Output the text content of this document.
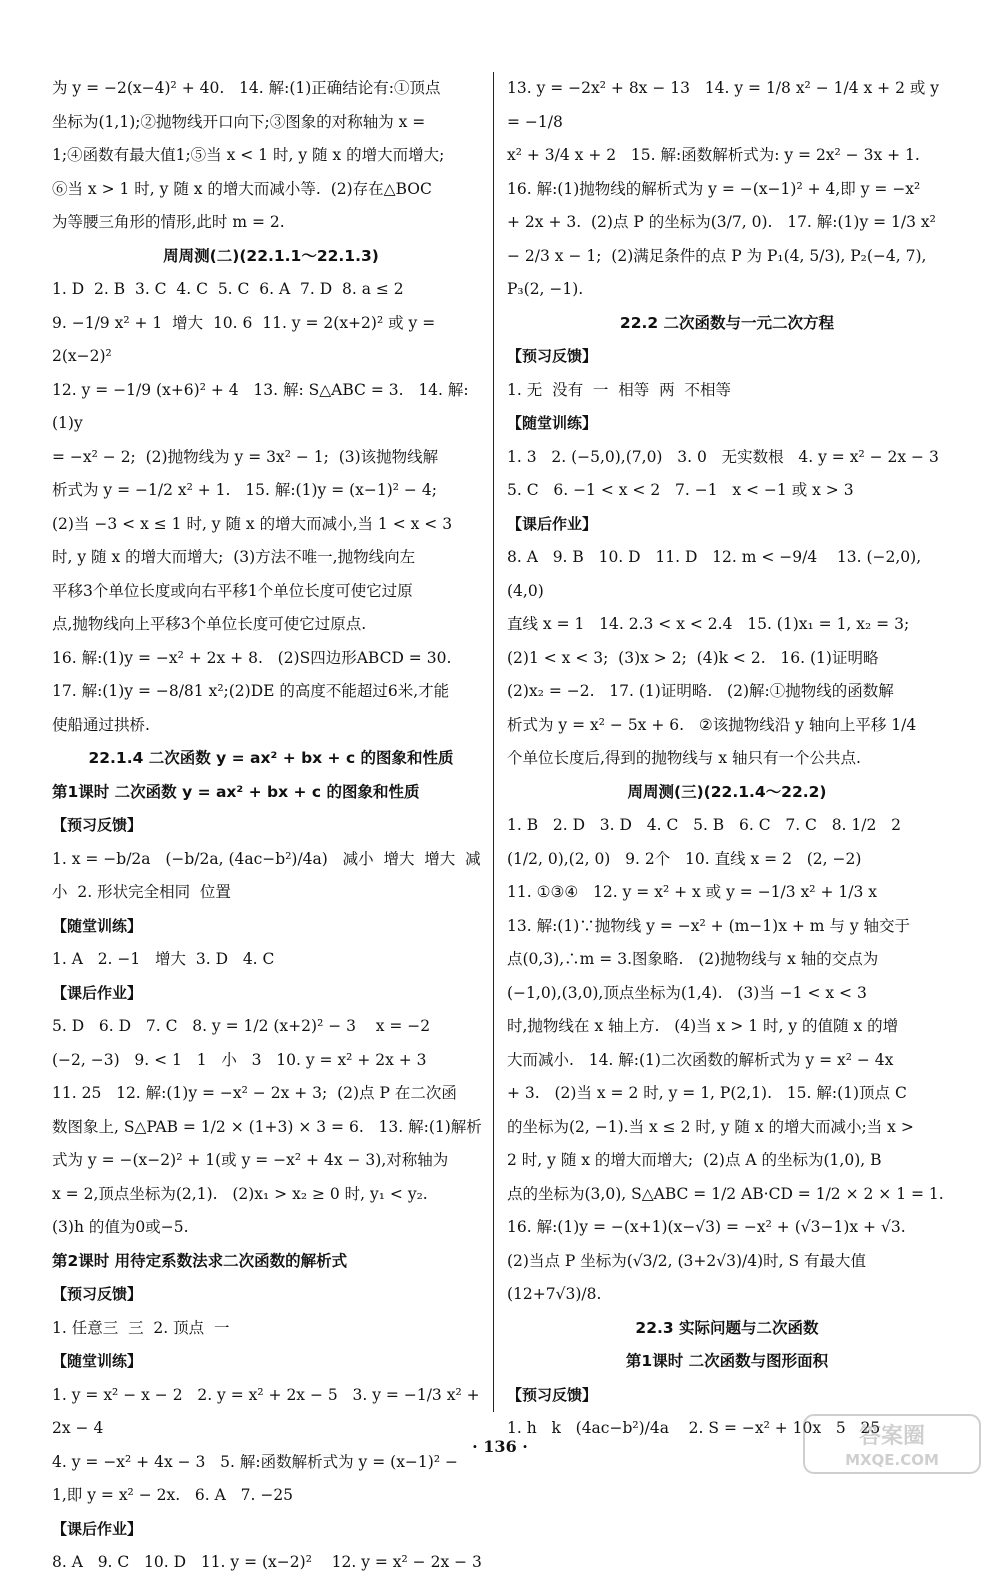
为 y = −2(x−4)² + 40.   14. 解:(1)正确结论有:①顶点

坐标为(1,1);②抛物线开口向下;③图象的对称轴为 x =

1;④函数有最大值1;⑤当 x < 1 时, y 随 x 的增大而增大;

⑥当 x > 1 时, y 随 x 的增大而减小等.  (2)存在△BOC

为等腰三角形的情形,此时 m = 2.

周周测(二)(22.1.1～22.1.3)

1. D  2. B  3. C  4. C  5. C  6. A  7. D  8. a ≤ 2

9. −1/9 x² + 1  增大  10. 6  11. y = 2(x+2)² 或 y = 2(x−2)²

12. y = −1/9 (x+6)² + 4   13. 解: S△ABC = 3.   14. 解:(1)y

= −x² − 2;  (2)抛物线为 y = 3x² − 1;  (3)该抛物线解

析式为 y = −1/2 x² + 1.   15. 解:(1)y = (x−1)² − 4;

(2)当 −3 < x ≤ 1 时, y 随 x 的增大而减小,当 1 < x < 3

时, y 随 x 的增大而增大;  (3)方法不唯一,抛物线向左

平移3个单位长度或向右平移1个单位长度可使它过原

点,抛物线向上平移3个单位长度可使它过原点.

16. 解:(1)y = −x² + 2x + 8.   (2)S四边形ABCD = 30.

17. 解:(1)y = −8/81 x²;(2)DE 的高度不能超过6米,才能

使船通过拱桥.

22.1.4 二次函数 y = ax² + bx + c 的图象和性质

第1课时 二次函数 y = ax² + bx + c 的图象和性质

【预习反馈】

1. x = −b/2a   (−b/2a, (4ac−b²)/4a)   减小  增大  增大  减

小  2. 形状完全相同  位置

【随堂训练】

1. A   2. −1   增大  3. D   4. C

【课后作业】

5. D   6. D   7. C   8. y = 1/2 (x+2)² − 3    x = −2

(−2, −3)   9. < 1   1   小   3   10. y = x² + 2x + 3

11. 25   12. 解:(1)y = −x² − 2x + 3;  (2)点 P 在二次函

数图象上, S△PAB = 1/2 × (1+3) × 3 = 6.   13. 解:(1)解析

式为 y = −(x−2)² + 1(或 y = −x² + 4x − 3),对称轴为

x = 2,顶点坐标为(2,1).   (2)x₁ > x₂ ≥ 0 时, y₁ < y₂.

(3)h 的值为0或−5.

第2课时 用待定系数法求二次函数的解析式

【预习反馈】

1. 任意三  三  2. 顶点  一

【随堂训练】

1. y = x² − x − 2   2. y = x² + 2x − 5   3. y = −1/3 x² + 2x − 4

4. y = −x² + 4x − 3   5. 解:函数解析式为 y = (x−1)² −

1,即 y = x² − 2x.   6. A   7. −25

【课后作业】

8. A   9. C   10. D   11. y = (x−2)²    12. y = x² − 2x − 3

13. y = −2x² + 8x − 13   14. y = 1/8 x² − 1/4 x + 2 或 y = −1/8

x² + 3/4 x + 2   15. 解:函数解析式为: y = 2x² − 3x + 1.

16. 解:(1)抛物线的解析式为 y = −(x−1)² + 4,即 y = −x²

+ 2x + 3.  (2)点 P 的坐标为(3/7, 0).   17. 解:(1)y = 1/3 x²

− 2/3 x − 1;  (2)满足条件的点 P 为 P₁(4, 5/3), P₂(−4, 7),

P₃(2, −1).

22.2 二次函数与一元二次方程

【预习反馈】

1. 无  没有  一  相等  两  不相等

【随堂训练】

1. 3   2. (−5,0),(7,0)   3. 0   无实数根   4. y = x² − 2x − 3

5. C   6. −1 < x < 2   7. −1   x < −1 或 x > 3

【课后作业】

8. A   9. B   10. D   11. D   12. m < −9/4    13. (−2,0),(4,0)

直线 x = 1   14. 2.3 < x < 2.4   15. (1)x₁ = 1, x₂ = 3;

(2)1 < x < 3;  (3)x > 2;  (4)k < 2.   16. (1)证明略

(2)x₂ = −2.   17. (1)证明略.   (2)解:①抛物线的函数解

析式为 y = x² − 5x + 6.   ②该抛物线沿 y 轴向上平移 1/4

个单位长度后,得到的抛物线与 x 轴只有一个公共点.

周周测(三)(22.1.4～22.2)

1. B   2. D   3. D   4. C   5. B   6. C   7. C   8. 1/2   2

(1/2, 0),(2, 0)   9. 2个   10. 直线 x = 2   (2, −2)

11. ①③④   12. y = x² + x 或 y = −1/3 x² + 1/3 x

13. 解:(1)∵抛物线 y = −x² + (m−1)x + m 与 y 轴交于

点(0,3),∴m = 3.图象略.   (2)抛物线与 x 轴的交点为

(−1,0),(3,0),顶点坐标为(1,4).   (3)当 −1 < x < 3

时,抛物线在 x 轴上方.   (4)当 x > 1 时, y 的值随 x 的增

大而减小.   14. 解:(1)二次函数的解析式为 y = x² − 4x

+ 3.   (2)当 x = 2 时, y = 1, P(2,1).   15. 解:(1)顶点 C

的坐标为(2, −1).当 x ≤ 2 时, y 随 x 的增大而减小;当 x >

2 时, y 随 x 的增大而增大;  (2)点 A 的坐标为(1,0), B

点的坐标为(3,0), S△ABC = 1/2 AB·CD = 1/2 × 2 × 1 = 1.

16. 解:(1)y = −(x+1)(x−√3) = −x² + (√3−1)x + √3.

(2)当点 P 坐标为(√3/2, (3+2√3)/4)时, S 有最大值 (12+7√3)/8.

22.3 实际问题与二次函数

第1课时 二次函数与图形面积

【预习反馈】

1. h   k   (4ac−b²)/4a    2. S = −x² + 10x   5   25

· 136 ·	答案圈
MXQE.COM
